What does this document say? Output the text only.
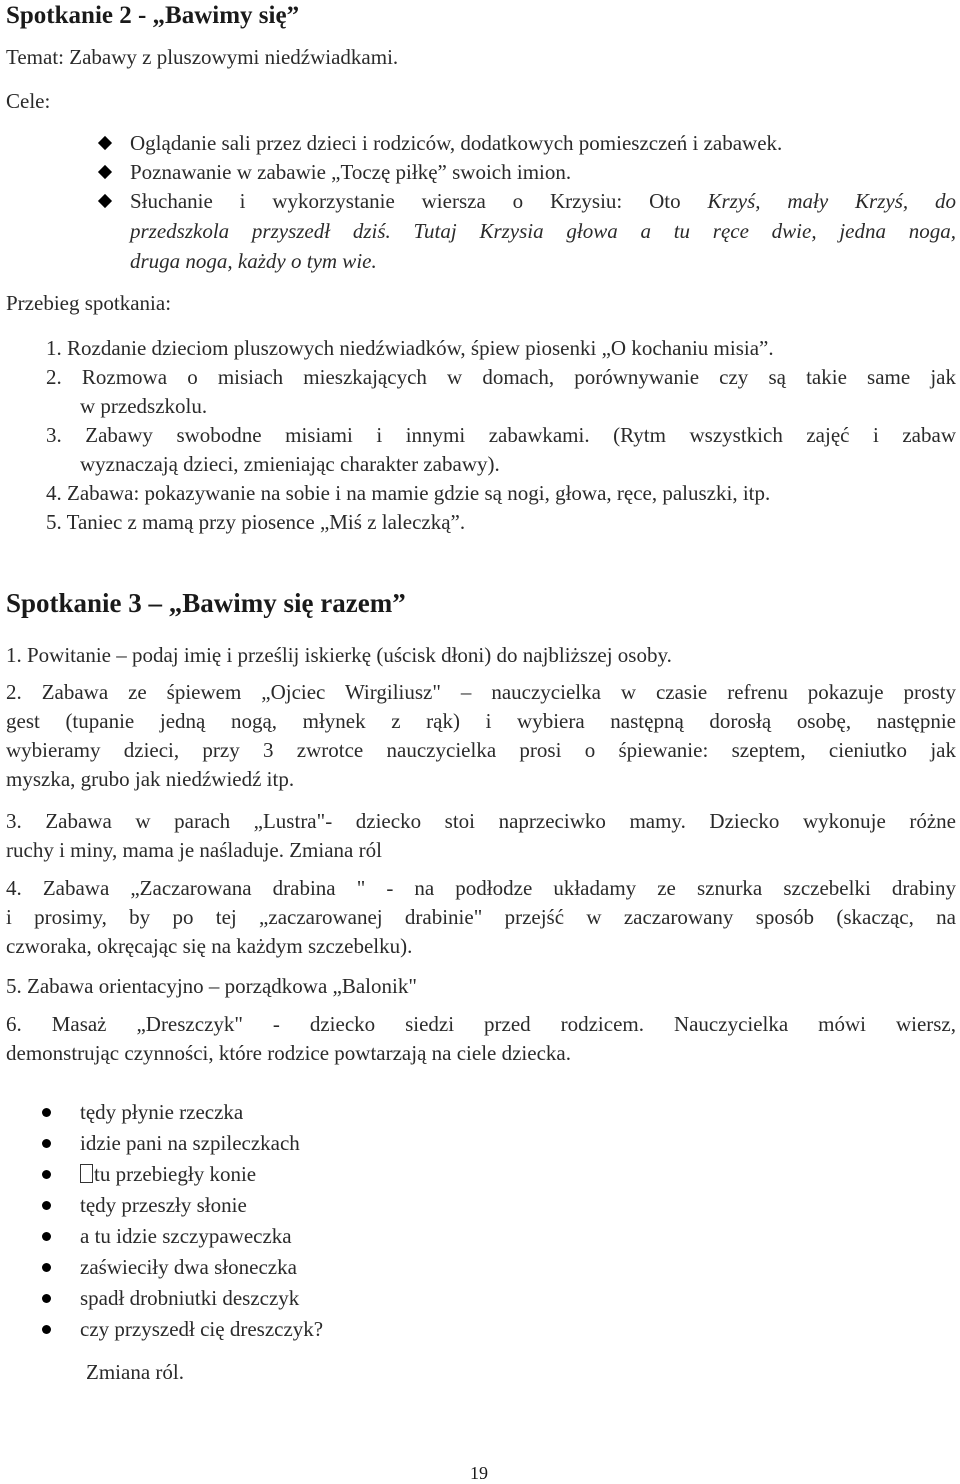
Spotkanie 2 - „Bawimy się”
Temat: Zabawy z pluszowymi niedźwiadkami.
Cele:
Oglądanie sali przez dzieci i rodziców, dodatkowych pomieszczeń i zabawek.
Poznawanie w zabawie „Toczę piłkę” swoich imion.
Słuchanie i wykorzystanie wiersza o Krzysiu: Oto Krzyś, mały Krzyś, do
przedszkola przyszedł dziś. Tutaj Krzysia głowa a tu ręce dwie, jedna noga,
druga noga, każdy o tym wie.
Przebieg spotkania:
1. Rozdanie dzieciom pluszowych niedźwiadków, śpiew piosenki „O kochaniu misia”.
2. Rozmowa o misiach mieszkających w domach, porównywanie czy są takie same jak
w przedszkolu.
3. Zabawy swobodne misiami i innymi zabawkami. (Rytm wszystkich zajęć i zabaw
wyznaczają dzieci, zmieniając charakter zabawy).
4. Zabawa: pokazywanie na sobie i na mamie gdzie są nogi, głowa, ręce, paluszki, itp.
5. Taniec z mamą przy piosence „Miś z laleczką”.
Spotkanie 3 – „Bawimy się razem”
1. Powitanie – podaj imię i prześlij iskierkę (uścisk dłoni) do najbliższej osoby.
2. Zabawa ze śpiewem „Ojciec Wirgiliusz" – nauczycielka w czasie refrenu pokazuje prosty
gest (tupanie jedną nogą, młynek z rąk) i wybiera następną dorosłą osobę, następnie
wybieramy dzieci, przy 3 zwrotce nauczycielka prosi o śpiewanie: szeptem, cieniutko jak
myszka, grubo jak niedźwiedź itp.
3. Zabawa w parach „Lustra"- dziecko stoi naprzeciwko mamy. Dziecko wykonuje różne
ruchy i miny, mama je naśladuje. Zmiana ról
4. Zabawa „Zaczarowana drabina " - na podłodze układamy ze sznurka szczebelki drabiny
i prosimy, by po tej „zaczarowanej drabinie" przejść w zaczarowany sposób (skacząc, na
czworaka, okręcając się na każdym szczebelku).
5. Zabawa orientacyjno – porządkowa „Balonik"
6. Masaż „Dreszczyk" - dziecko siedzi przed rodzicem. Nauczycielka mówi wiersz,
demonstrując czynności, które rodzice powtarzają na ciele dziecka.
tędy płynie rzeczka
idzie pani na szpileczkach
tu przebiegły konie
tędy przeszły słonie
a tu idzie szczypaweczka
zaświeciły dwa słoneczka
spadł drobniutki deszczyk
czy przyszedł cię dreszczyk?
Zmiana ról.
19
